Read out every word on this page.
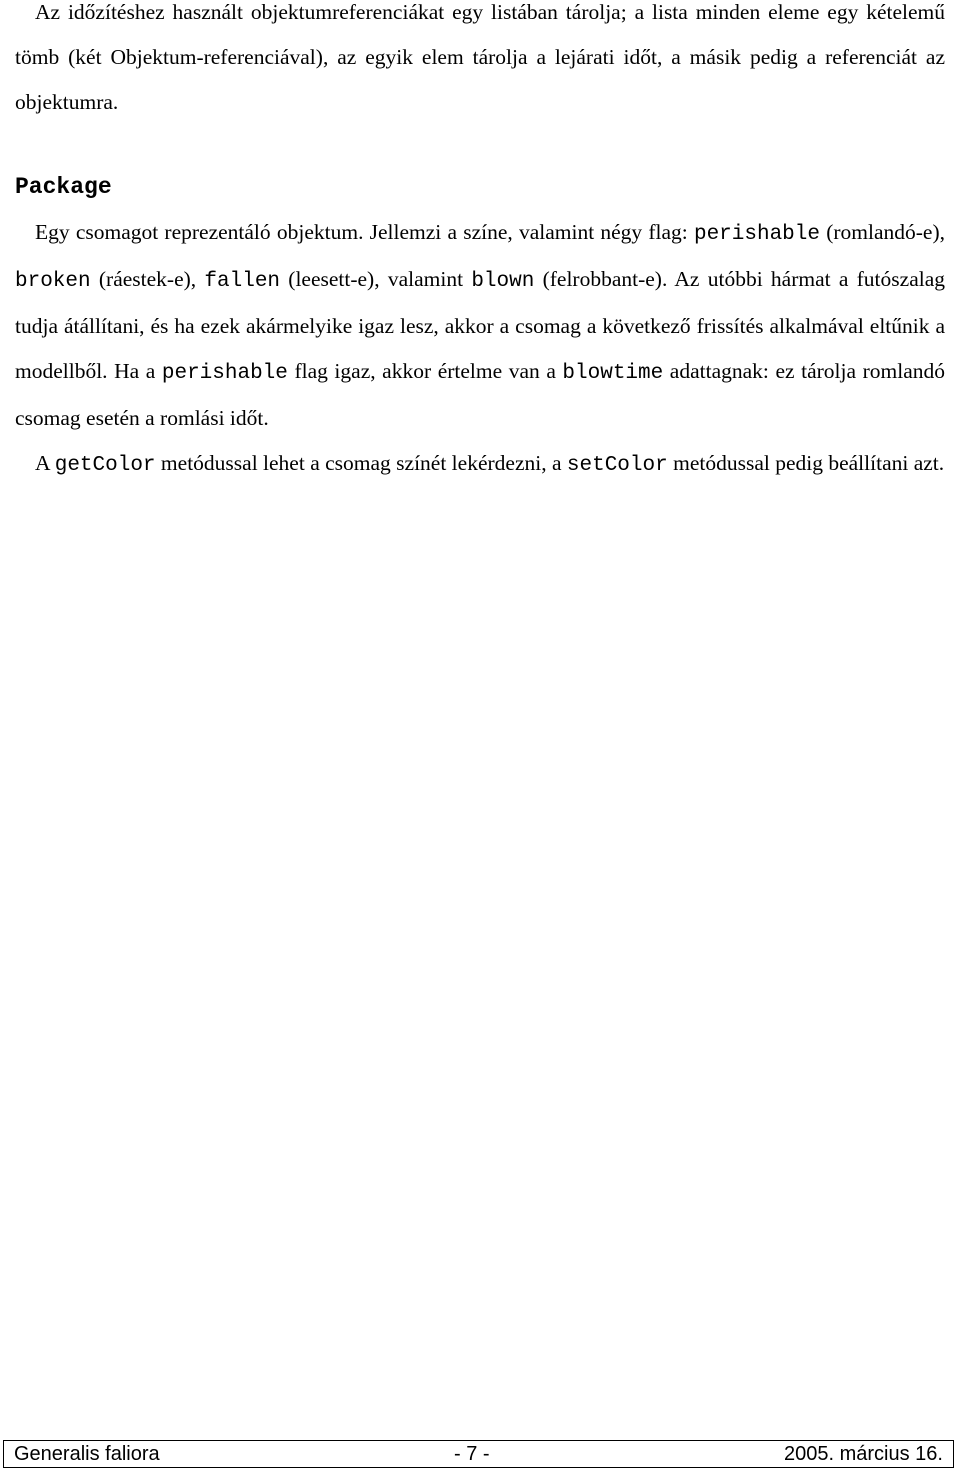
Az időzítéshez használt objektumreferenciákat egy listában tárolja; a lista minden eleme egy kételemű tömb (két Objektum-referenciával), az egyik elem tárolja a lejárati időt, a másik pedig a referenciát az objektumra.

Package

Egy csomagot reprezentáló objektum. Jellemzi a színe, valamint négy flag: perishable (romlandó-e), broken (ráestek-e), fallen (leesett-e), valamint blown (felrobbant-e). Az utóbbi hármat a futószalag tudja átállítani, és ha ezek akármelyike igaz lesz, akkor a csomag a következő frissítés alkalmával eltűnik a modellből. Ha a perishable flag igaz, akkor értelme van a blowtime adattagnak: ez tárolja romlandó csomag esetén a romlási időt.

A getColor metódussal lehet a csomag színét lekérdezni, a setColor metódussal pedig beállítani azt.

Generalis faliora	- 7 -	2005. március 16.
